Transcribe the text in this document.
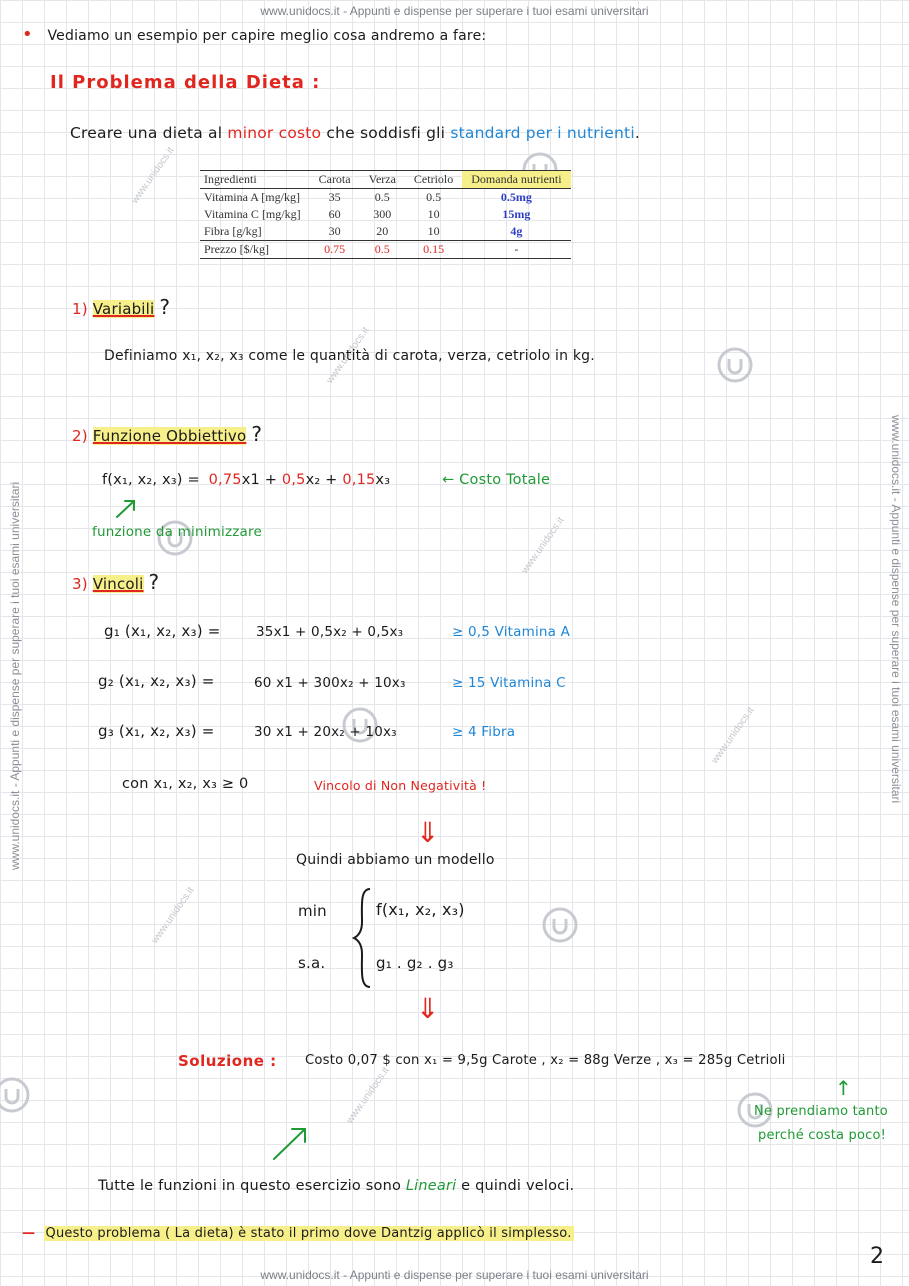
www.unidocs.it - Appunti e dispense per superare i tuoi esami universitari
www.unidocs.it - Appunti e dispense per superare i tuoi esami universitari
www.unidocs.it - Appunti e dispense per superare i tuoi esami universitari	www.unidocs.it - Appunti e dispense per superare i tuoi esami universitari
www.unidocs.it
www.unidocs.it
www.unidocs.it
www.unidocs.it
www.unidocs.it
www.unidocs.it
• Vediamo un esempio per capire meglio cosa andremo a fare:
Il Problema della Dieta :
Creare una dieta al minor costo che soddisfi gli standard per i nutrienti.
Ingredienti	Carota	Verza	Cetriolo	Domanda nutrienti
Vitamina A [mg/kg]	35	0.5	0.5	0.5mg
Vitamina C [mg/kg]	60	300	10	15mg
Fibra [g/kg]	30	20	10	4g
Prezzo [$/kg]	0.75	0.5	0.15	-
1) Variabili ?
Definiamo x₁, x₂, x₃ come le quantità di carota, verza, cetriolo in kg.
2) Funzione Obbiettivo ?
f(x₁, x₂, x₃) = 0,75x1 + 0,5x₂ + 0,15x₃	← Costo Totale
funzione da minimizzare
3) Vincoli ?
g₁ (x₁, x₂, x₃) =	35x1 + 0,5x₂ + 0,5x₃	≥ 0,5 Vitamina A
g₂ (x₁, x₂, x₃) =	60 x1 + 300x₂ + 10x₃	≥ 15 Vitamina C
g₃ (x₁, x₂, x₃) =	30 x1 + 20x₂ + 10x₃	≥ 4 Fibra
con x₁, x₂, x₃ ≥ 0	Vincolo di Non Negatività !
⇓
Quindi abbiamo un modello
min
s.a.
f(x₁, x₂, x₃)
g₁ . g₂ . g₃
⇓
Soluzione : Costo 0,07 $ con x₁ = 9,5g Carote , x₂ = 88g Verze , x₃ = 285g Cetrioli
↑
Ne prendiamo tanto
perché costa poco!
Tutte le funzioni in questo esercizio sono Lineari e quindi veloci.
— Questo problema ( La dieta) è stato il primo dove Dantzig applicò il simplesso.
2
